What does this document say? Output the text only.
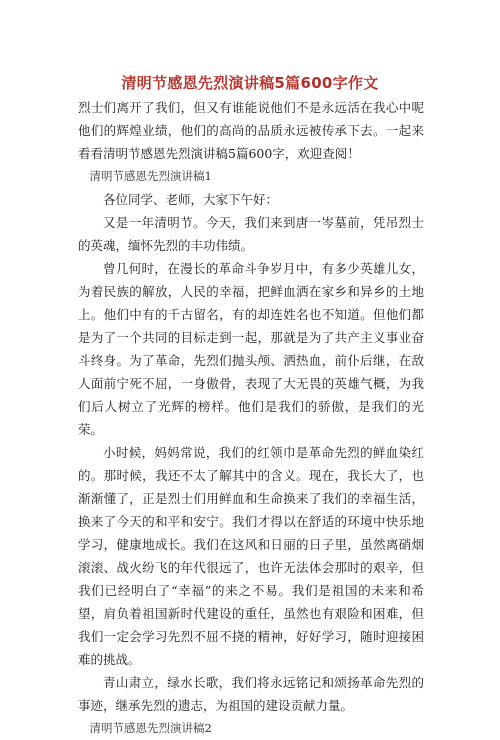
清明节感恩先烈演讲稿5篇600字作文

烈士们离开了我们，但又有谁能说他们不是永远活在我心中呢他们的辉煌业绩，他们的高尚的品质永远被传承下去。一起来看看清明节感恩先烈演讲稿5篇600字，欢迎查阅！

清明节感恩先烈演讲稿1

各位同学、老师，大家下午好：

又是一年清明节。今天，我们来到唐一岑墓前，凭吊烈士的英魂，缅怀先烈的丰功伟绩。

曾几何时，在漫长的革命斗争岁月中，有多少英雄儿女，为着民族的解放，人民的幸福，把鲜血洒在家乡和异乡的土地上。他们中有的千古留名，有的却连姓名也不知道。但他们都是为了一个共同的目标走到一起，那就是为了共产主义事业奋斗终身。为了革命，先烈们抛头颅、洒热血，前仆后继，在敌人面前宁死不屈，一身傲骨，表现了大无畏的英雄气概，为我们后人树立了光辉的榜样。他们是我们的骄傲，是我们的光荣。

小时候，妈妈常说，我们的红领巾是革命先烈的鲜血染红的。那时候，我还不太了解其中的含义。现在，我长大了，也渐渐懂了，正是烈士们用鲜血和生命换来了我们的幸福生活，换来了今天的和平和安宁。我们才得以在舒适的环境中快乐地学习，健康地成长。我们在这风和日丽的日子里，虽然离硝烟滚滚、战火纷飞的年代很远了，也许无法体会那时的艰辛，但我们已经明白了“幸福”的来之不易。我们是祖国的未来和希望，肩负着祖国新时代建设的重任，虽然也有艰险和困难，但我们一定会学习先烈不屈不挠的精神，好好学习，随时迎接困难的挑战。

青山肃立，绿水长歌，我们将永远铭记和颂扬革命先烈的事迹，继承先烈的遗志，为祖国的建设贡献力量。

清明节感恩先烈演讲稿2
